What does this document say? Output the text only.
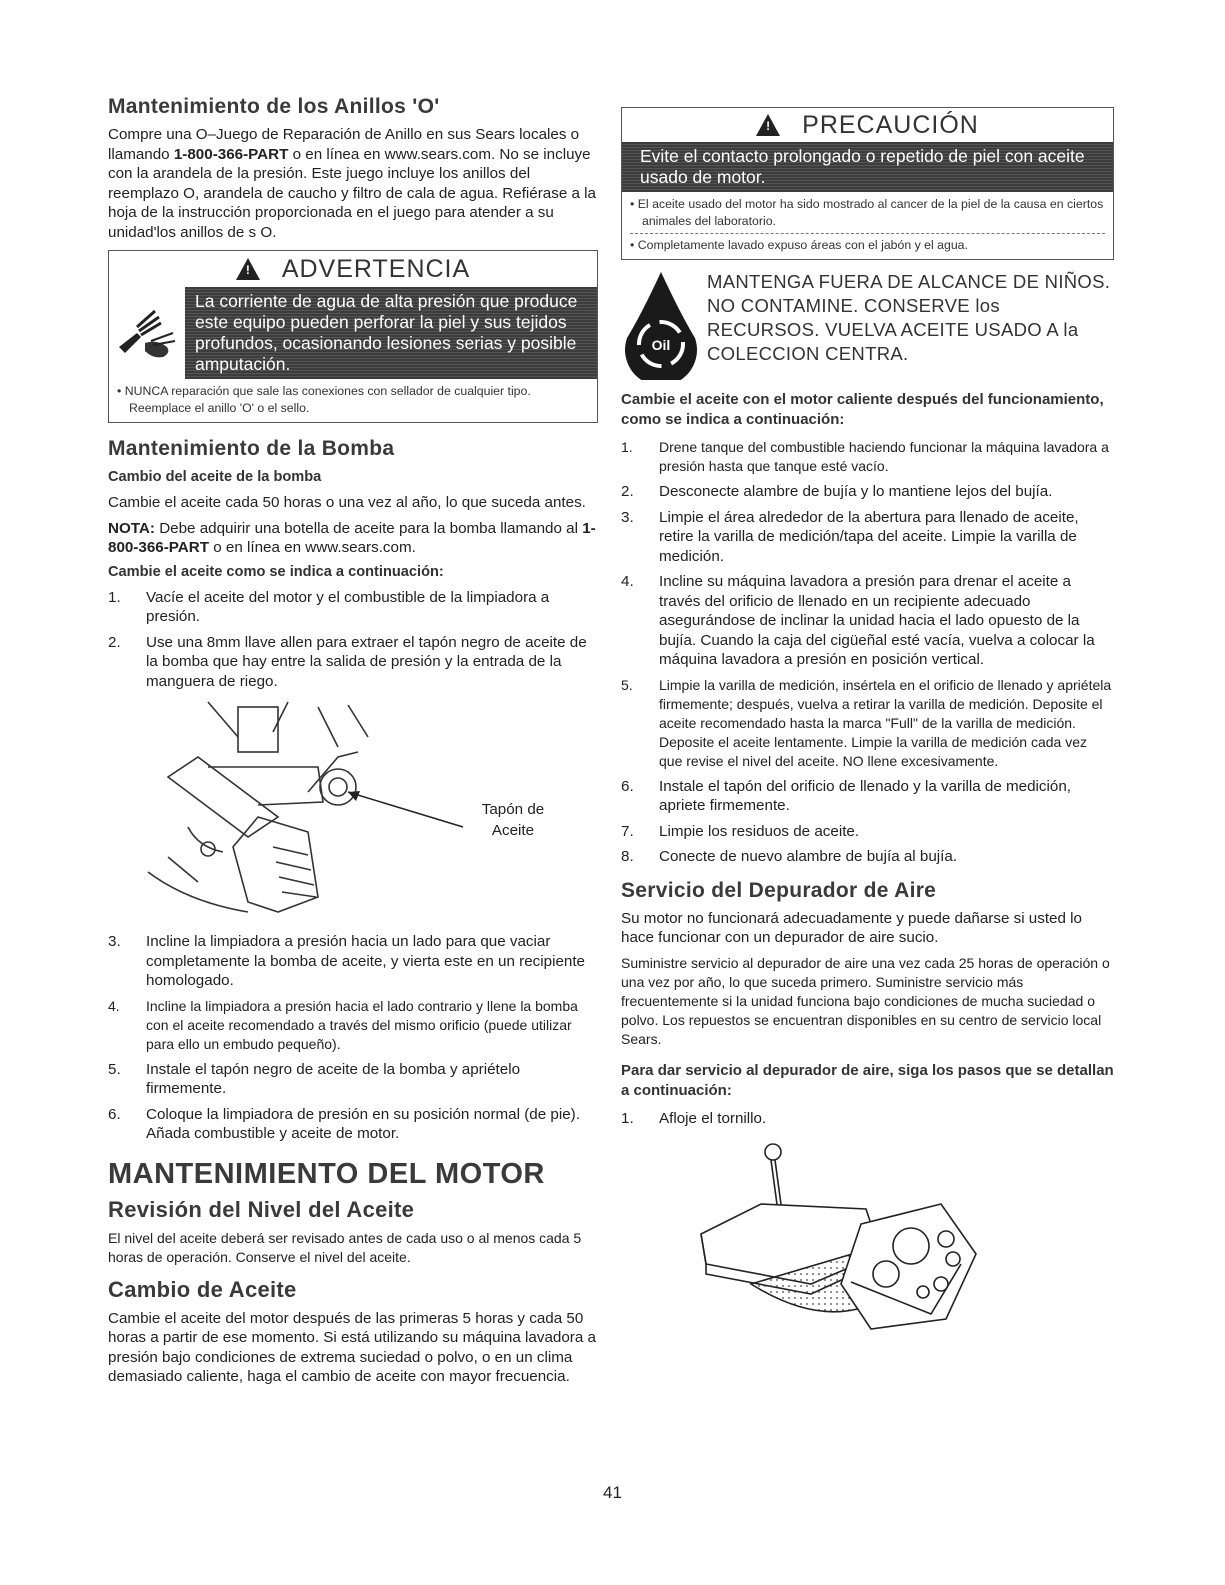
Mantenimiento de los Anillos 'O'

Compre una O–Juego de Reparación de Anillo en sus Sears locales o llamando 1-800-366-PART o en línea en www.sears.com. No se incluye con la arandela de la presión. Este juego incluye los anillos del reemplazo O, arandela de caucho y filtro de cala de agua. Refiérase a la hoja de la instrucción proporcionada en el juego para atender a su unidad'los anillos de s O.

! ADVERTENCIA
La corriente de agua de alta presión que produce este equipo pueden perforar la piel y sus tejidos profundos, ocasionando lesiones serias y posible amputación.
• NUNCA reparación que sale las conexiones con sellador de cualquier tipo. Reemplace el anillo 'O' o el sello.
Mantenimiento de la Bomba
Cambio del aceite de la bomba

Cambie el aceite cada 50 horas o una vez al año, lo que suceda antes.

NOTA: Debe adquirir una botella de aceite para la bomba llamando al 1-800-366-PART o en línea en www.sears.com.

Cambie el aceite como se indica a continuación:
1. Vacíe el aceite del motor y el combustible de la limpiadora a presión.
2. Use una 8mm llave allen para extraer el tapón negro de aceite de la bomba que hay entre la salida de presión y la entrada de la manguera de riego.
Tapón de Aceite
3. Incline la limpiadora a presión hacia un lado para que vaciar completamente la bomba de aceite, y vierta este en un recipiente homologado.
4. Incline la limpiadora a presión hacia el lado contrario y llene la bomba con el aceite recomendado a través del mismo orificio (puede utilizar para ello un embudo pequeño).
5. Instale el tapón negro de aceite de la bomba y apriételo firmemente.
6. Coloque la limpiadora de presión en su posición normal (de pie). Añada combustible y aceite de motor.
MANTENIMIENTO DEL MOTOR
Revisión del Nivel del Aceite

El nivel del aceite deberá ser revisado antes de cada uso o al menos cada 5 horas de operación. Conserve el nivel del aceite.

Cambio de Aceite

Cambie el aceite del motor después de las primeras 5 horas y cada 50 horas a partir de ese momento. Si está utilizando su máquina lavadora a presión bajo condiciones de extrema suciedad o polvo, o en un clima demasiado caliente, haga el cambio de aceite con mayor frecuencia.

! PRECAUCIÓN
Evite el contacto prolongado o repetido de piel con aceite usado de motor.
• El aceite usado del motor ha sido mostrado al cancer de la piel de la causa en ciertos animales del laboratorio.
• Completamente lavado expuso áreas con el jabón y el agua.
Oil
MANTENGA FUERA DE ALCANCE DE NIÑOS. NO CONTAMINE. CONSERVE los RECURSOS. VUELVA ACEITE USADO A la COLECCION CENTRA.
Cambie el aceite con el motor caliente después del funcionamiento, como se indica a continuación:
1. Drene tanque del combustible haciendo funcionar la máquina lavadora a presión hasta que tanque esté vacío.
2. Desconecte alambre de bujía y lo mantiene lejos del bujía.
3. Limpie el área alrededor de la abertura para llenado de aceite, retire la varilla de medición/tapa del aceite. Limpie la varilla de medición.
4. Incline su máquina lavadora a presión para drenar el aceite a través del orificio de llenado en un recipiente adecuado asegurándose de inclinar la unidad hacia el lado opuesto de la bujía. Cuando la caja del cigüeñal esté vacía, vuelva a colocar la máquina lavadora a presión en posición vertical.
5. Limpie la varilla de medición, insértela en el orificio de llenado y apriétela firmemente; después, vuelva a retirar la varilla de medición. Deposite el aceite recomendado hasta la marca "Full" de la varilla de medición. Deposite el aceite lentamente. Limpie la varilla de medición cada vez que revise el nivel del aceite. NO llene excesivamente.
6. Instale el tapón del orificio de llenado y la varilla de medición, apriete firmemente.
7. Limpie los residuos de aceite.
8. Conecte de nuevo alambre de bujía al bujía.
Servicio del Depurador de Aire

Su motor no funcionará adecuadamente y puede dañarse si usted lo hace funcionar con un depurador de aire sucio.

Suministre servicio al depurador de aire una vez cada 25 horas de operación o una vez por año, lo que suceda primero. Suministre servicio más frecuentemente si la unidad funciona bajo condiciones de mucha suciedad o polvo. Los repuestos se encuentran disponibles en su centro de servicio local Sears.

Para dar servicio al depurador de aire, siga los pasos que se detallan a continuación:
1. Afloje el tornillo.
41
